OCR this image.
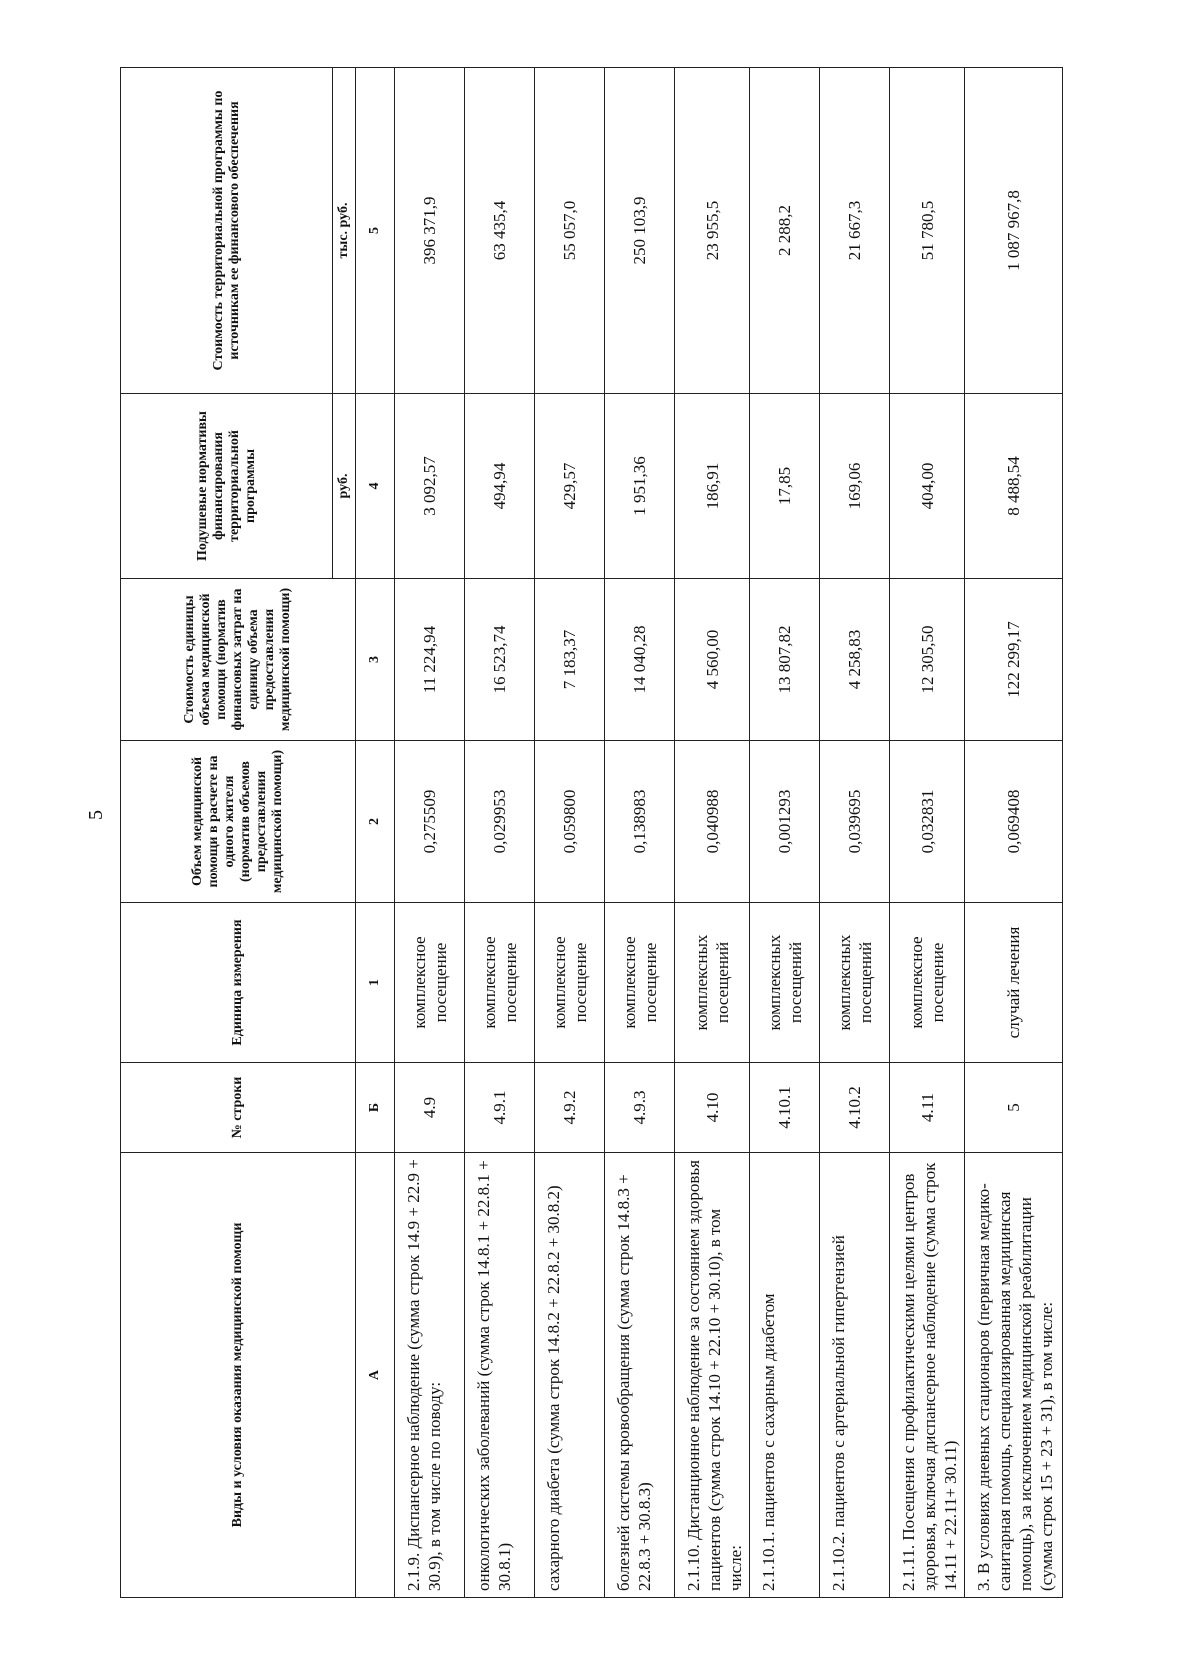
5
Виды и условия оказания медицинской помощи	№ строки	Единица измерения	Объем медицинской помощи в расчете на одного жителя (норматив объемов предоставления медицинской помощи)	Стоимость единицы объема медицинской помощи (норматив финансовых затрат на единицу объема предоставления медицинской помощи)	Подушевые нормативы финансирования территориальной программы	Стоимость территориальной программы по источникам ее финансового обеспечения
					руб.	тыс. руб.
А	Б	1	2	3	4	5
2.1.9. Диспансерное наблюдение (сумма строк 14.9 + 22.9 + 30.9), в том числе по поводу:	4.9	комплексное посещение	0,275509	11 224,94	3 092,57	396 371,9
онкологических заболеваний (сумма строк 14.8.1 + 22.8.1 + 30.8.1)	4.9.1	комплексное посещение	0,029953	16 523,74	494,94	63 435,4
сахарного диабета (сумма строк 14.8.2 + 22.8.2 + 30.8.2)	4.9.2	комплексное посещение	0,059800	7 183,37	429,57	55 057,0
болезней системы кровообращения (сумма строк 14.8.3 + 22.8.3 + 30.8.3)	4.9.3	комплексное посещение	0,138983	14 040,28	1 951,36	250 103,9
2.1.10. Дистанционное наблюдение за состоянием здоровья пациентов (сумма строк 14.10 + 22.10 + 30.10), в том числе:	4.10	комплексных посещений	0,040988	4 560,00	186,91	23 955,5
2.1.10.1. пациентов с сахарным диабетом	4.10.1	комплексных посещений	0,001293	13 807,82	17,85	2 288,2
2.1.10.2. пациентов с артериальной гипертензией	4.10.2	комплексных посещений	0,039695	4 258,83	169,06	21 667,3
2.1.11. Посещения с профилактическими целями центров здоровья, включая диспансерное наблюдение (сумма строк 14.11 + 22.11+ 30.11)	4.11	комплексное посещение	0,032831	12 305,50	404,00	51 780,5
3. В условиях дневных стационаров (первичная медико-санитарная помощь, специализированная медицинская помощь), за исключением медицинской реабилитации (сумма строк 15 + 23 + 31), в том числе:	5	случай лечения	0,069408	122 299,17	8 488,54	1 087 967,8
